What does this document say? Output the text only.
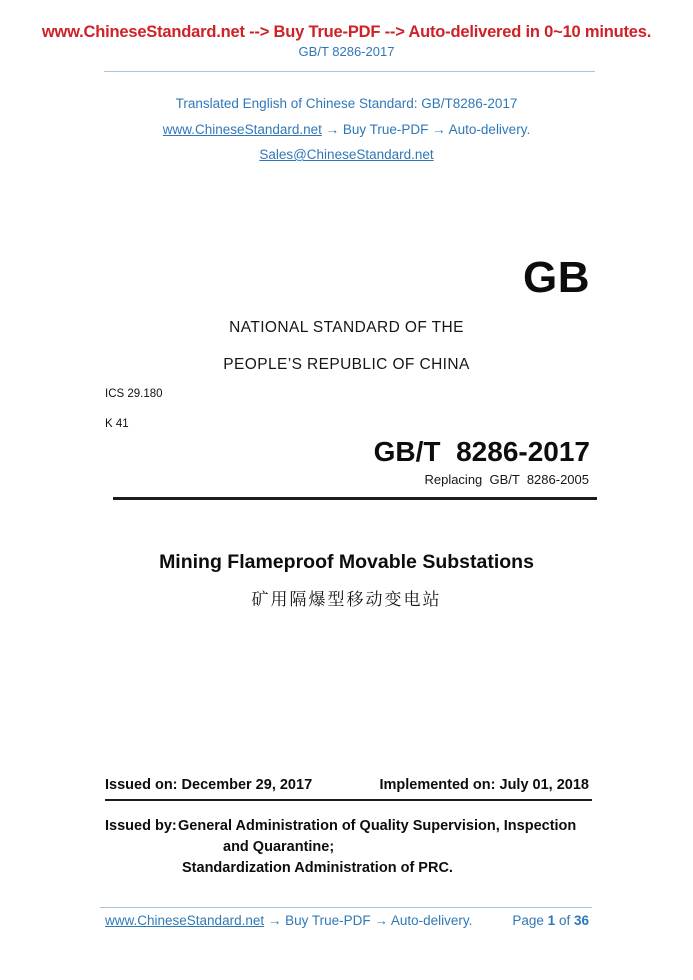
www.ChineseStandard.net --> Buy True-PDF --> Auto-delivered in 0~10 minutes.
GB/T 8286-2017
Translated English of Chinese Standard: GB/T8286-2017
www.ChineseStandard.net → Buy True-PDF → Auto-delivery.
Sales@ChineseStandard.net
GB
NATIONAL STANDARD OF THE
PEOPLE’S REPUBLIC OF CHINA
ICS 29.180
K 41
GB/T  8286-2017
Replacing  GB/T  8286-2005
Mining Flameproof Movable Substations
矿用隔爆型移动变电站
Issued on: December 29, 2017	Implemented on: July 01, 2018
Issued by: General Administration of Quality Supervision, Inspection
and Quarantine;
Standardization Administration of PRC.
www.ChineseStandard.net → Buy True-PDF → Auto-delivery.	Page 1 of 36
